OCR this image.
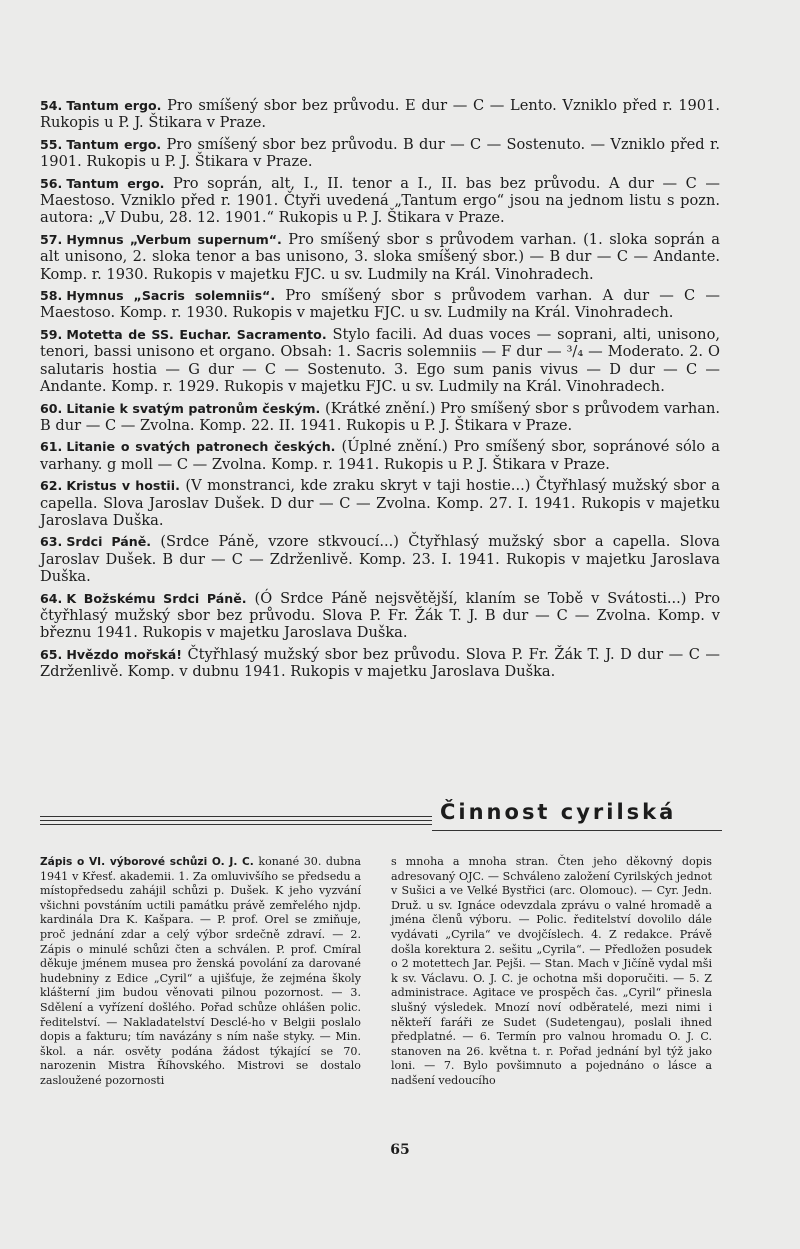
54. Tantum ergo. Pro smíšený sbor bez průvodu. E dur — C — Lento. Vzniklo před r. 1901. Rukopis u P. J. Štikara v Praze.

55. Tantum ergo. Pro smíšený sbor bez průvodu. B dur — C — Sostenuto. — Vzniklo před r. 1901. Rukopis u P. J. Štikara v Praze.

56. Tantum ergo. Pro soprán, alt, I., II. tenor a I., II. bas bez průvodu. A dur — C — Maestoso. Vzniklo před r. 1901. Čtyři uvedená „Tantum ergo“ jsou na jednom listu s pozn. autora: „V Dubu, 28. 12. 1901.“ Rukopis u P. J. Štikara v Praze.

57. Hymnus „Verbum supernum“. Pro smíšený sbor s průvodem varhan. (1. sloka soprán a alt unisono, 2. sloka tenor a bas unisono, 3. sloka smíšený sbor.) — B dur — C — Andante. Komp. r. 1930. Rukopis v majetku FJC. u sv. Ludmily na Král. Vinohradech.

58. Hymnus „Sacris solemniis“. Pro smíšený sbor s průvodem varhan. A dur — C — Maestoso. Komp. r. 1930. Rukopis v majetku FJC. u sv. Ludmily na Král. Vinohradech.

59. Motetta de SS. Euchar. Sacramento. Stylo facili. Ad duas voces — soprani, alti, unisono, tenori, bassi unisono et organo. Obsah: 1. Sacris solemniis — F dur — ³/₄ — Moderato. 2. O salutaris hostia — G dur — C — Sostenuto. 3. Ego sum panis vivus — D dur — C — Andante. Komp. r. 1929. Rukopis v majetku FJC. u sv. Ludmily na Král. Vinohradech.

60. Litanie k svatým patronům českým. (Krátké znění.) Pro smíšený sbor s průvodem varhan. B dur — C — Zvolna. Komp. 22. II. 1941. Rukopis u P. J. Štikara v Praze.

61. Litanie o svatých patronech českých. (Úplné znění.) Pro smíšený sbor, sopránové sólo a varhany. g moll — C — Zvolna. Komp. r. 1941. Rukopis u P. J. Štikara v Praze.

62. Kristus v hostii. (V monstranci, kde zraku skryt v taji hostie...) Čtyřhlasý mužský sbor a capella. Slova Jaroslav Dušek. D dur — C — Zvolna. Komp. 27. I. 1941. Rukopis v majetku Jaroslava Duška.

63. Srdci Páně. (Srdce Páně, vzore stkvoucí...) Čtyřhlasý mužský sbor a capella. Slova Jaroslav Dušek. B dur — C — Zdrženlivě. Komp. 23. I. 1941. Rukopis v majetku Jaroslava Duška.

64. K Božskému Srdci Páně. (Ó Srdce Páně nejsvětější, klaním se Tobě v Svátosti...) Pro čtyřhlasý mužský sbor bez průvodu. Slova P. Fr. Žák T. J. B dur — C — Zvolna. Komp. v březnu 1941. Rukopis v majetku Jaroslava Duška.

65. Hvězdo mořská! Čtyřhlasý mužský sbor bez průvodu. Slova P. Fr. Žák T. J. D dur — C — Zdrženlivě. Komp. v dubnu 1941. Rukopis v majetku Jaroslava Duška.

Činnost cyrilská
Zápis o VI. výborové schůzi O. J. C. konané 30. dubna 1941 v Křesť. akademii. 1. Za omluvivšího se předsedu a místopředsedu zahájil schůzi p. Dušek. K jeho vyzvání všichni povstáním uctili památku právě zemřelého njdp. kardinála Dra K. Kašpara. — P. prof. Orel se zmiňuje, proč jednání zdar a celý výbor srdečně zdraví. — 2. Zápis o minulé schůzi čten a schválen. P. prof. Cmíral děkuje jménem musea pro ženská povolání za darované hudebniny z Edice „Cyril“ a ujišťuje, že zejména školy klášterní jim budou věnovati pilnou pozornost. — 3. Sdělení a vyřízení došlého. Pořad schůze ohlášen polic. ředitelství. — Nakladatelství Desclé-ho v Belgii poslalo dopis a fakturu; tím navázány s ním naše styky. — Min. škol. a nár. osvěty podána žádost týkající se 70. narozenin Mistra Říhovského. Mistrovi se dostalo zasloužené pozornosti
s mnoha a mnoha stran. Čten jeho děkovný dopis adresovaný OJC. — Schváleno založení Cyrilských jednot v Sušici a ve Velké Bystřici (arc. Olomouc). — Cyr. Jedn. Druž. u sv. Ignáce odevzdala zprávu o valné hromadě a jména členů výboru. — Polic. ředitelství dovolilo dále vydávati „Cyrila“ ve dvojčíslech. 4. Z redakce. Právě došla korektura 2. sešitu „Cyrila“. — Předložen posudek o 2 motettech Jar. Pejši. — Stan. Mach v Jičíně vydal mši k sv. Václavu. O. J. C. je ochotna mši doporučiti. — 5. Z administrace. Agitace ve prospěch čas. „Cyril“ přinesla slušný výsledek. Mnozí noví odběratelé, mezi nimi i někteří faráři ze Sudet (Sudetengau), poslali ihned předplatné. — 6. Termín pro valnou hromadu O. J. C. stanoven na 26. května t. r. Pořad jednání byl týž jako loni. — 7. Bylo povšimnuto a pojednáno o lásce a nadšení vedoucího
65
